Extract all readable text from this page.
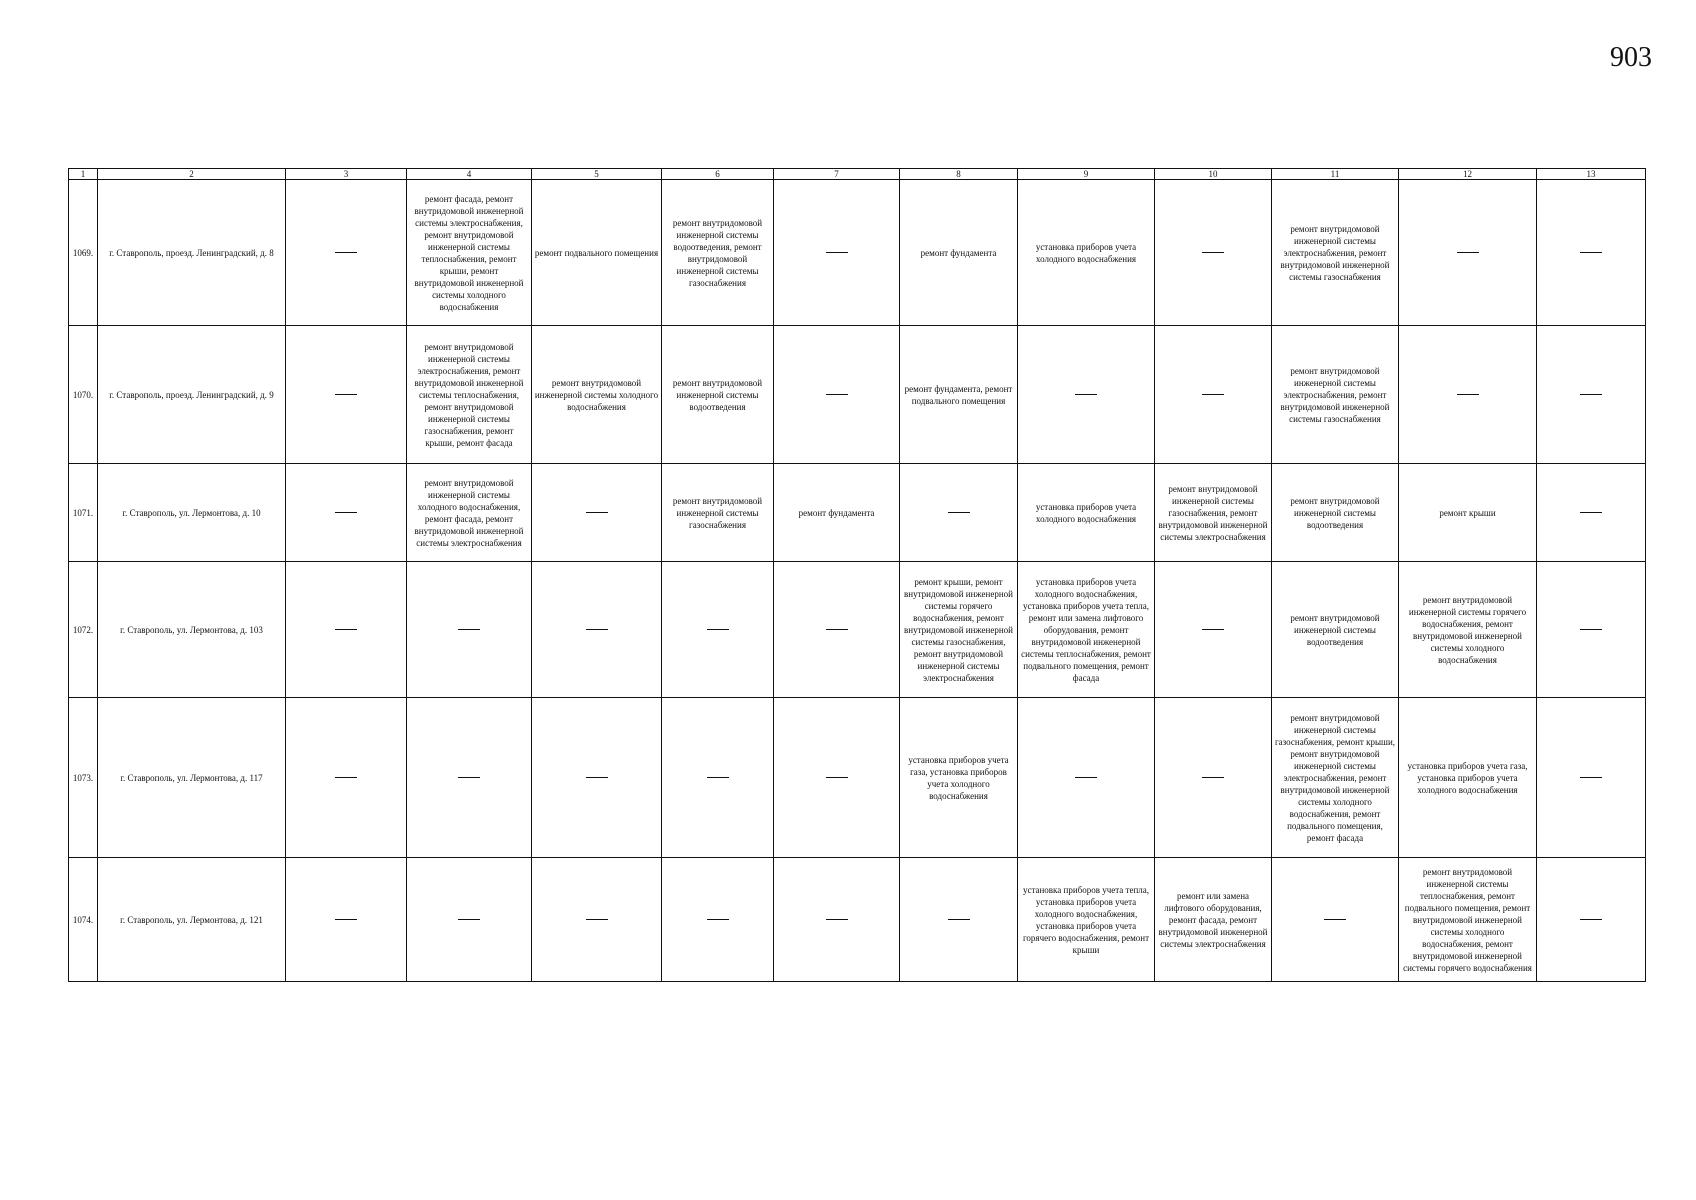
903
1	2	3	4	5	6	7	8	9	10	11	12	13
1069.	г. Ставрополь, проезд. Ленинградский, д. 8		ремонт фасада, ремонт внутридомовой инженерной системы электроснабжения, ремонт внутридомовой инженерной системы теплоснабжения, ремонт крыши, ремонт внутридомовой инженерной системы холодного водоснабжения	ремонт подвального помещения	ремонт внутридомовой инженерной системы водоотведения, ремонт внутридомовой инженерной системы газоснабжения		ремонт фундамента	установка приборов учета холодного водоснабжения		ремонт внутридомовой инженерной системы электроснабжения, ремонт внутридомовой инженерной системы газоснабжения		
1070.	г. Ставрополь, проезд. Ленинградский, д. 9		ремонт внутридомовой инженерной системы электроснабжения, ремонт внутридомовой инженерной системы теплоснабжения, ремонт внутридомовой инженерной системы газоснабжения, ремонт крыши, ремонт фасада	ремонт внутридомовой инженерной системы холодного водоснабжения	ремонт внутридомовой инженерной системы водоотведения		ремонт фундамента, ремонт подвального помещения			ремонт внутридомовой инженерной системы электроснабжения, ремонт внутридомовой инженерной системы газоснабжения		
1071.	г. Ставрополь, ул. Лермонтова, д. 10		ремонт внутридомовой инженерной системы холодного водоснабжения, ремонт фасада, ремонт внутридомовой инженерной системы электроснабжения		ремонт внутридомовой инженерной системы газоснабжения	ремонт фундамента		установка приборов учета холодного водоснабжения	ремонт внутридомовой инженерной системы газоснабжения, ремонт внутридомовой инженерной системы электроснабжения	ремонт внутридомовой инженерной системы водоотведения	ремонт крыши	
1072.	г. Ставрополь, ул. Лермонтова, д. 103						ремонт крыши, ремонт внутридомовой инженерной системы горячего водоснабжения, ремонт внутридомовой инженерной системы газоснабжения, ремонт внутридомовой инженерной системы электроснабжения	установка приборов учета холодного водоснабжения, установка приборов учета тепла, ремонт или замена лифтового оборудования, ремонт внутридомовой инженерной системы теплоснабжения, ремонт подвального помещения, ремонт фасада		ремонт внутридомовой инженерной системы водоотведения	ремонт внутридомовой инженерной системы горячего водоснабжения, ремонт внутридомовой инженерной системы холодного водоснабжения	
1073.	г. Ставрополь, ул. Лермонтова, д. 117						установка приборов учета газа, установка приборов учета холодного водоснабжения			ремонт внутридомовой инженерной системы газоснабжения, ремонт крыши, ремонт внутридомовой инженерной системы электроснабжения, ремонт внутридомовой инженерной системы холодного водоснабжения, ремонт подвального помещения, ремонт фасада	установка приборов учета газа, установка приборов учета холодного водоснабжения	
1074.	г. Ставрополь, ул. Лермонтова, д. 121							установка приборов учета тепла, установка приборов учета холодного водоснабжения, установка приборов учета горячего водоснабжения, ремонт крыши	ремонт или замена лифтового оборудования, ремонт фасада, ремонт внутридомовой инженерной системы электроснабжения		ремонт внутридомовой инженерной системы теплоснабжения, ремонт подвального помещения, ремонт внутридомовой инженерной системы холодного водоснабжения, ремонт внутридомовой инженерной системы горячего водоснабжения	
